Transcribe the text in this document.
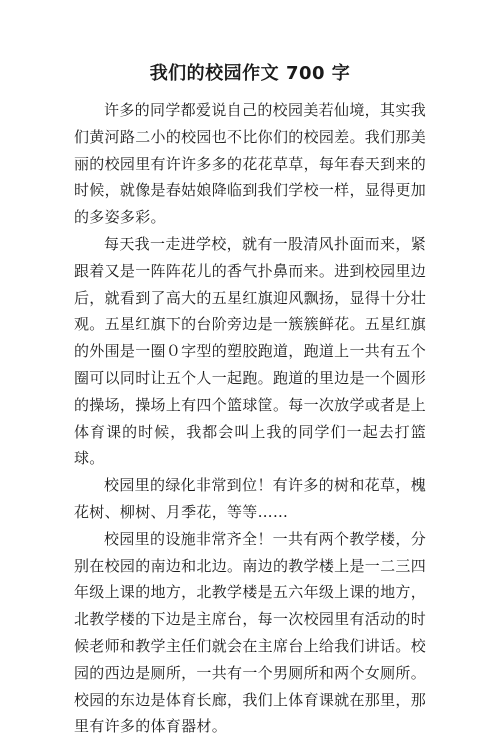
我们的校园作文 700 字

许多的同学都爱说自己的校园美若仙境，其实我们黄河路二小的校园也不比你们的校园差。我们那美丽的校园里有许许多多的花花草草，每年春天到来的时候，就像是春姑娘降临到我们学校一样，显得更加的多姿多彩。

每天我一走进学校，就有一股清风扑面而来，紧跟着又是一阵阵花儿的香气扑鼻而来。进到校园里边后，就看到了高大的五星红旗迎风飘扬，显得十分壮观。五星红旗下的台阶旁边是一簇簇鲜花。五星红旗的外围是一圈０字型的塑胶跑道，跑道上一共有五个圈可以同时让五个人一起跑。跑道的里边是一个圆形的操场，操场上有四个篮球筐。每一次放学或者是上体育课的时候，我都会叫上我的同学们一起去打篮球。

校园里的绿化非常到位！有许多的树和花草，槐花树、柳树、月季花，等等……

校园里的设施非常齐全！一共有两个教学楼，分别在校园的南边和北边。南边的教学楼上是一二三四年级上课的地方，北教学楼是五六年级上课的地方，北教学楼的下边是主席台，每一次校园里有活动的时候老师和教学主任们就会在主席台上给我们讲话。校园的西边是厕所，一共有一个男厕所和两个女厕所。校园的东边是体育长廊，我们上体育课就在那里，那里有许多的体育器材。
